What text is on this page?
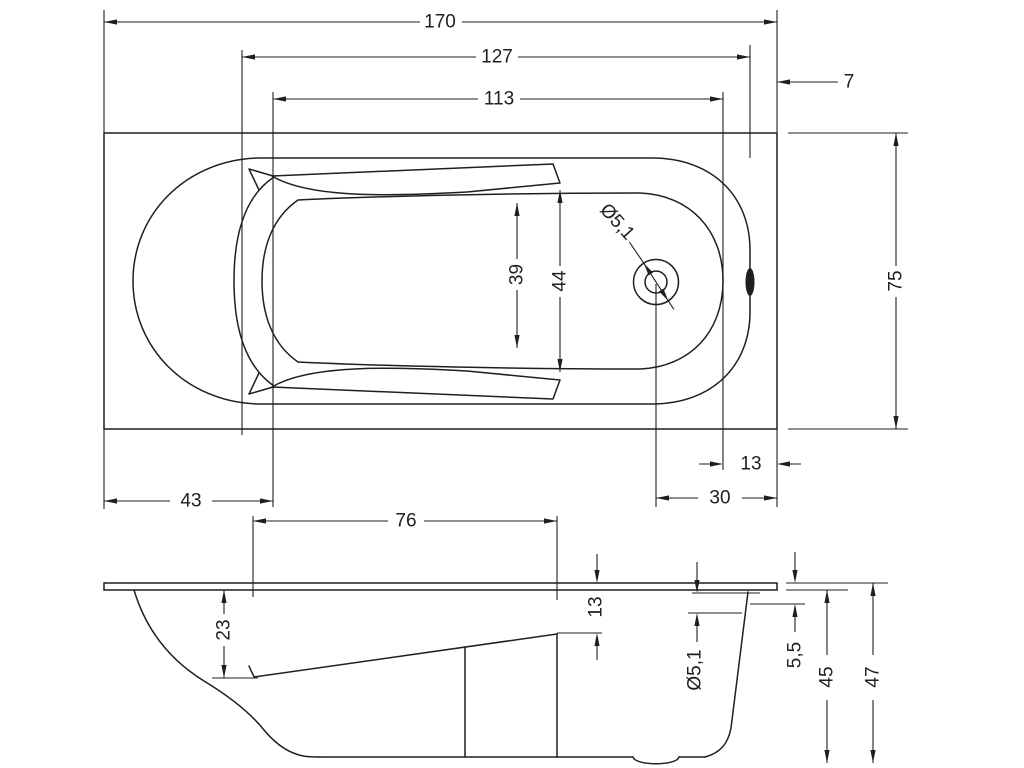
170
127
113
7
75
39 44
Ø5,1
13
30
43
76
23
13
Ø5,1	5,5
45 47
